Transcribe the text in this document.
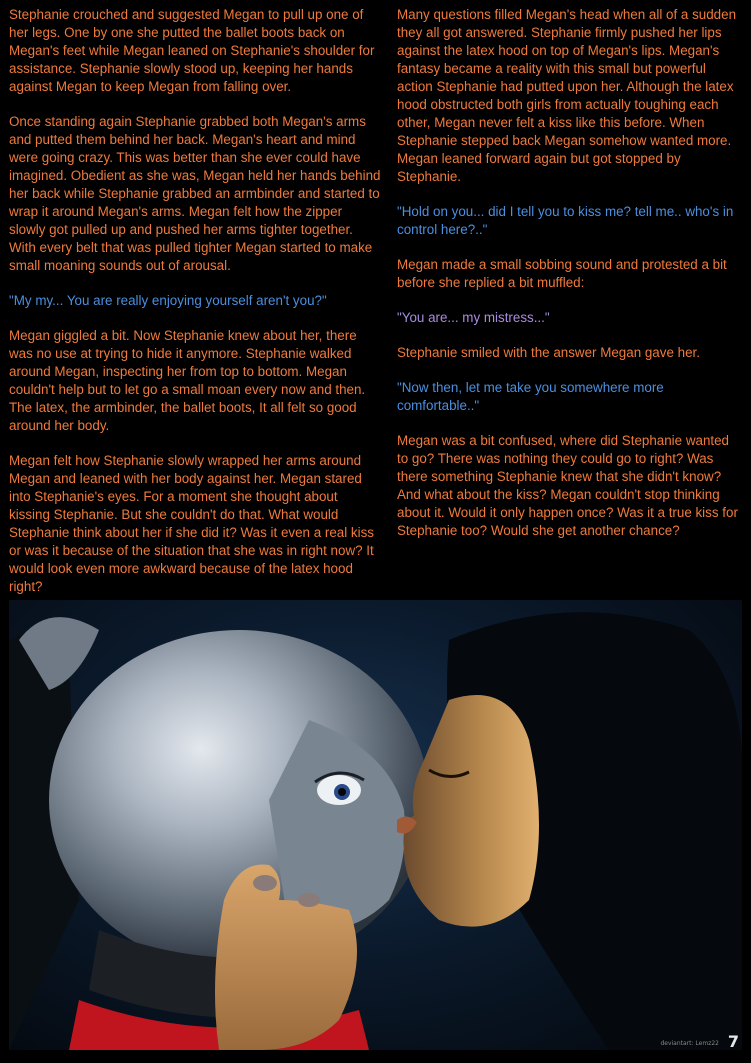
Stephanie crouched and suggested Megan to pull up one of her legs. One by one she putted the ballet boots back on Megan's feet while Megan leaned on Stephanie's shoulder for assistance. Stephanie slowly stood up, keeping her hands against Megan to keep Megan from falling over.

Once standing again Stephanie grabbed both Megan's arms and putted them behind her back. Megan's heart and mind were going crazy. This was better than she ever could have imagined. Obedient as she was, Megan held her hands behind her back while Stephanie grabbed an armbinder and started to wrap it around Megan's arms. Megan felt how the zipper slowly got pulled up and pushed her arms tighter together. With every belt that was pulled tighter Megan started to make small moaning sounds out of arousal.

"My my... You are really enjoying yourself aren't you?"

Megan giggled a bit. Now Stephanie knew about her, there was no use at trying to hide it anymore. Stephanie walked around Megan, inspecting her from top to bottom. Megan couldn't help but to let go a small moan every now and then. The latex, the armbinder, the ballet boots, It all felt so good around her body.

Megan felt how Stephanie slowly wrapped her arms around Megan and leaned with her body against her. Megan stared into Stephanie's eyes. For a moment she thought about kissing Stephanie. But she couldn't do that. What would Stephanie think about her if she did it? Was it even a real kiss or was it because of the situation that she was in right now? It would look even more awkward because of the latex hood right?

Many questions filled Megan's head when all of a sudden they all got answered. Stephanie firmly pushed her lips against the latex hood on top of Megan's lips. Megan's fantasy became a reality with this small but powerful action Stephanie had putted upon her. Although the latex hood obstructed both girls from actually toughing each other, Megan never felt a kiss like this before. When Stephanie stepped back Megan somehow wanted more. Megan leaned forward again but got stopped by Stephanie.

"Hold on you... did I tell you to kiss me? tell me.. who's in control here?.."

Megan made a small sobbing sound and protested a bit before she replied a bit muffled:

"You are... my mistress..."

Stephanie smiled with the answer Megan gave her.

"Now then, let me take you somewhere more comfortable.."

Megan was a bit confused, where did Stephanie wanted to go? There was nothing they could go to right? Was there something Stephanie knew that she didn't know? And what about the kiss? Megan couldn't stop thinking about it. Would it only happen once? Was it a true kiss for Stephanie too? Would she get another chance?

deviantart: Lemz22 7
